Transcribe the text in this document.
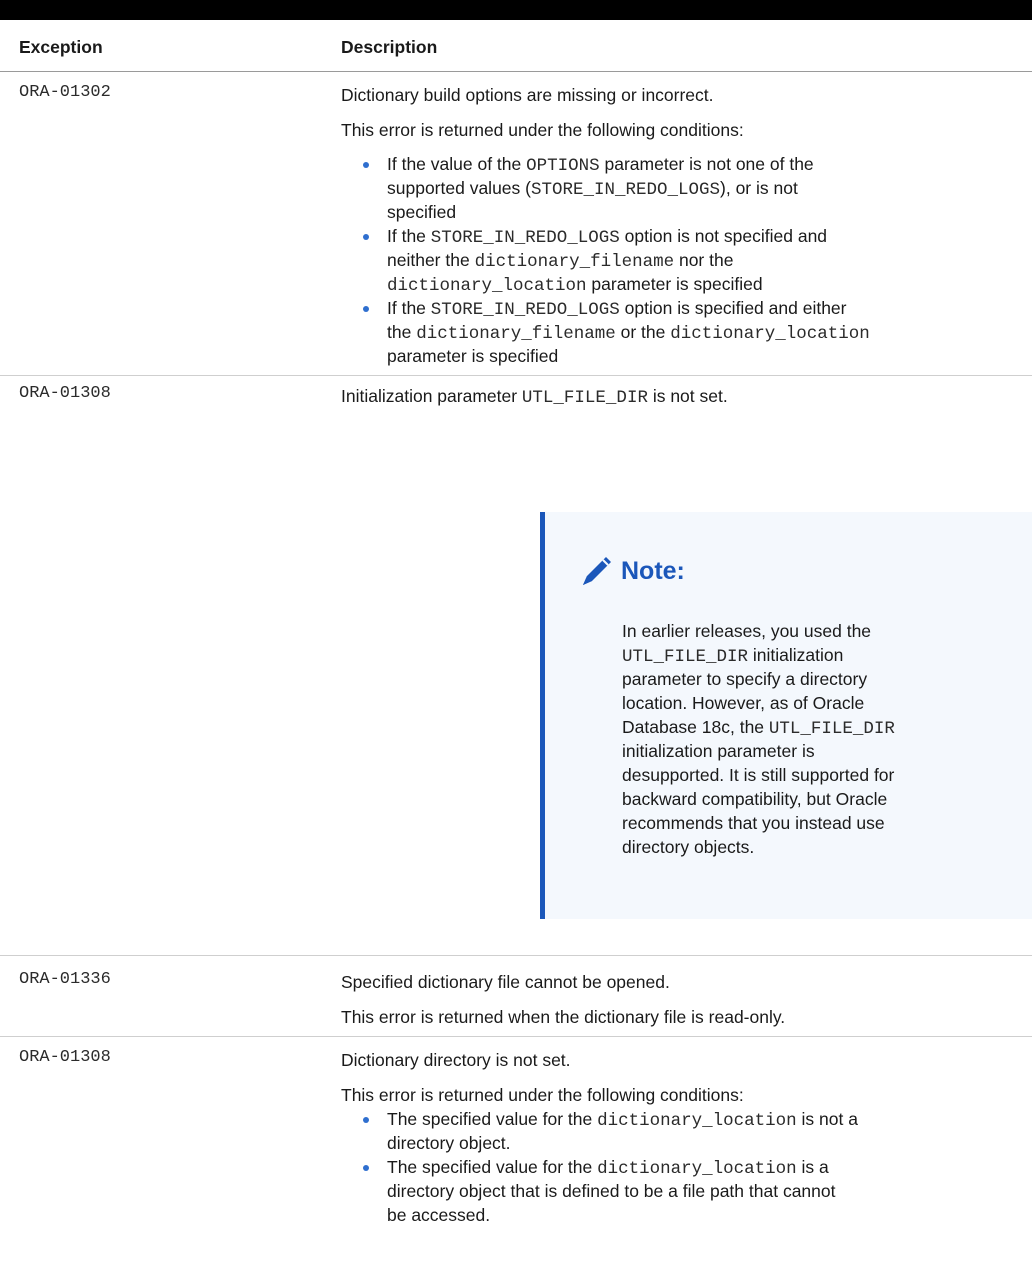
Exception	Description
ORA-01302	Dictionary build options are missing or incorrect.
This error is returned under the following conditions:
If the value of the OPTIONS parameter is not one of the
supported values (STORE_IN_REDO_LOGS), or is not
specified
If the STORE_IN_REDO_LOGS option is not specified and
neither the dictionary_filename nor the
dictionary_location parameter is specified
If the STORE_IN_REDO_LOGS option is specified and either
the dictionary_filename or the dictionary_location
parameter is specified
ORA-01308	Initialization parameter UTL_FILE_DIR is not set.
Note:
In earlier releases, you used the
UTL_FILE_DIR initialization
parameter to specify a directory
location. However, as of Oracle
Database 18c, the UTL_FILE_DIR
initialization parameter is
desupported. It is still supported for
backward compatibility, but Oracle
recommends that you instead use
directory objects.
ORA-01336	Specified dictionary file cannot be opened.
This error is returned when the dictionary file is read-only.
ORA-01308	Dictionary directory is not set.
This error is returned under the following conditions:
The specified value for the dictionary_location is not a
directory object.
The specified value for the dictionary_location is a
directory object that is defined to be a file path that cannot
be accessed.
